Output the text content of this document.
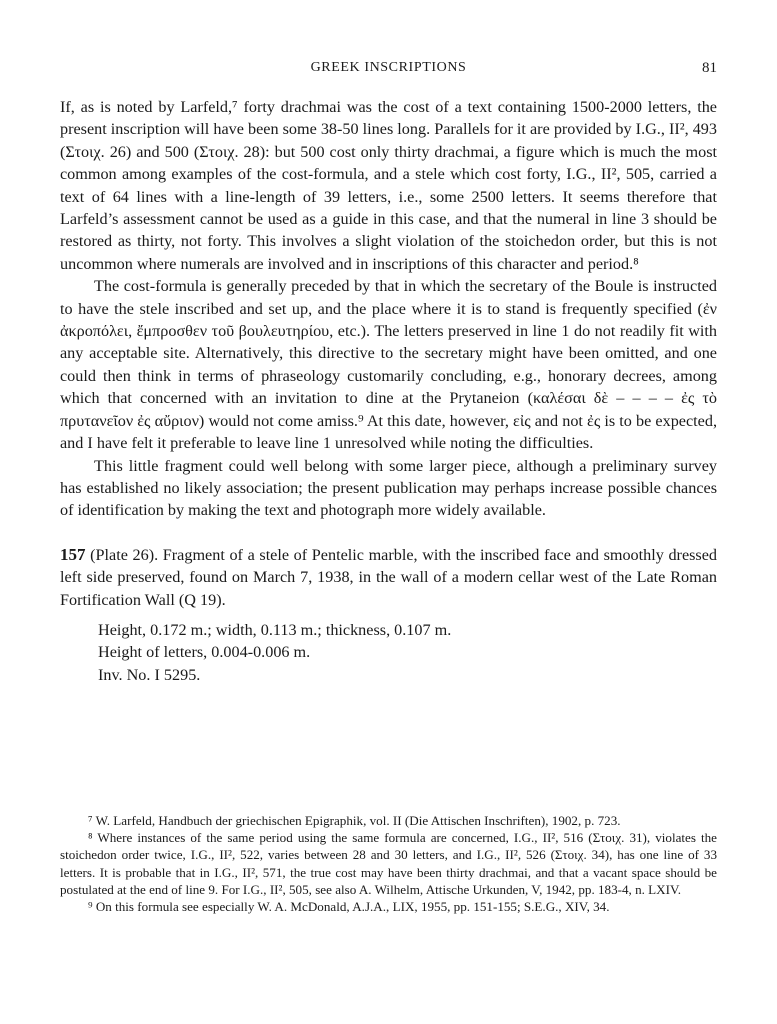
GREEK INSCRIPTIONS	81

If, as is noted by Larfeld,⁷ forty drachmai was the cost of a text containing 1500-2000 letters, the present inscription will have been some 38-50 lines long. Parallels for it are provided by I.G., II², 493 (Στοιχ. 26) and 500 (Στοιχ. 28): but 500 cost only thirty drachmai, a figure which is much the most common among examples of the cost-formula, and a stele which cost forty, I.G., II², 505, carried a text of 64 lines with a line-length of 39 letters, i.e., some 2500 letters. It seems therefore that Larfeld’s assessment cannot be used as a guide in this case, and that the numeral in line 3 should be restored as thirty, not forty. This involves a slight violation of the stoichedon order, but this is not uncommon where numerals are involved and in inscriptions of this character and period.⁸

The cost-formula is generally preceded by that in which the secretary of the Boule is instructed to have the stele inscribed and set up, and the place where it is to stand is frequently specified (ἐν ἀκροπόλει, ἔμπροσθεν τοῦ βουλευτηρίου, etc.). The letters preserved in line 1 do not readily fit with any acceptable site. Alternatively, this directive to the secretary might have been omitted, and one could then think in terms of phraseology customarily concluding, e.g., honorary decrees, among which that concerned with an invitation to dine at the Prytaneion (καλέσαι δὲ – – – – ἐς τὸ πρυτανεῖον ἐς αὔριον) would not come amiss.⁹ At this date, however, εἰς and not ἐς is to be expected, and I have felt it preferable to leave line 1 unresolved while noting the difficulties.

This little fragment could well belong with some larger piece, although a preliminary survey has established no likely association; the present publication may perhaps increase possible chances of identification by making the text and photograph more widely available.

157 (Plate 26). Fragment of a stele of Pentelic marble, with the inscribed face and smoothly dressed left side preserved, found on March 7, 1938, in the wall of a modern cellar west of the Late Roman Fortification Wall (Q 19).

Height, 0.172 m.; width, 0.113 m.; thickness, 0.107 m.
Height of letters, 0.004-0.006 m.
Inv. No. I 5295.

⁷ W. Larfeld, Handbuch der griechischen Epigraphik, vol. II (Die Attischen Inschriften), 1902, p. 723.

⁸ Where instances of the same period using the same formula are concerned, I.G., II², 516 (Στοιχ. 31), violates the stoichedon order twice, I.G., II², 522, varies between 28 and 30 letters, and I.G., II², 526 (Στοιχ. 34), has one line of 33 letters. It is probable that in I.G., II², 571, the true cost may have been thirty drachmai, and that a vacant space should be postulated at the end of line 9. For I.G., II², 505, see also A. Wilhelm, Attische Urkunden, V, 1942, pp. 183-4, n. LXIV.

⁹ On this formula see especially W. A. McDonald, A.J.A., LIX, 1955, pp. 151-155; S.E.G., XIV, 34.
